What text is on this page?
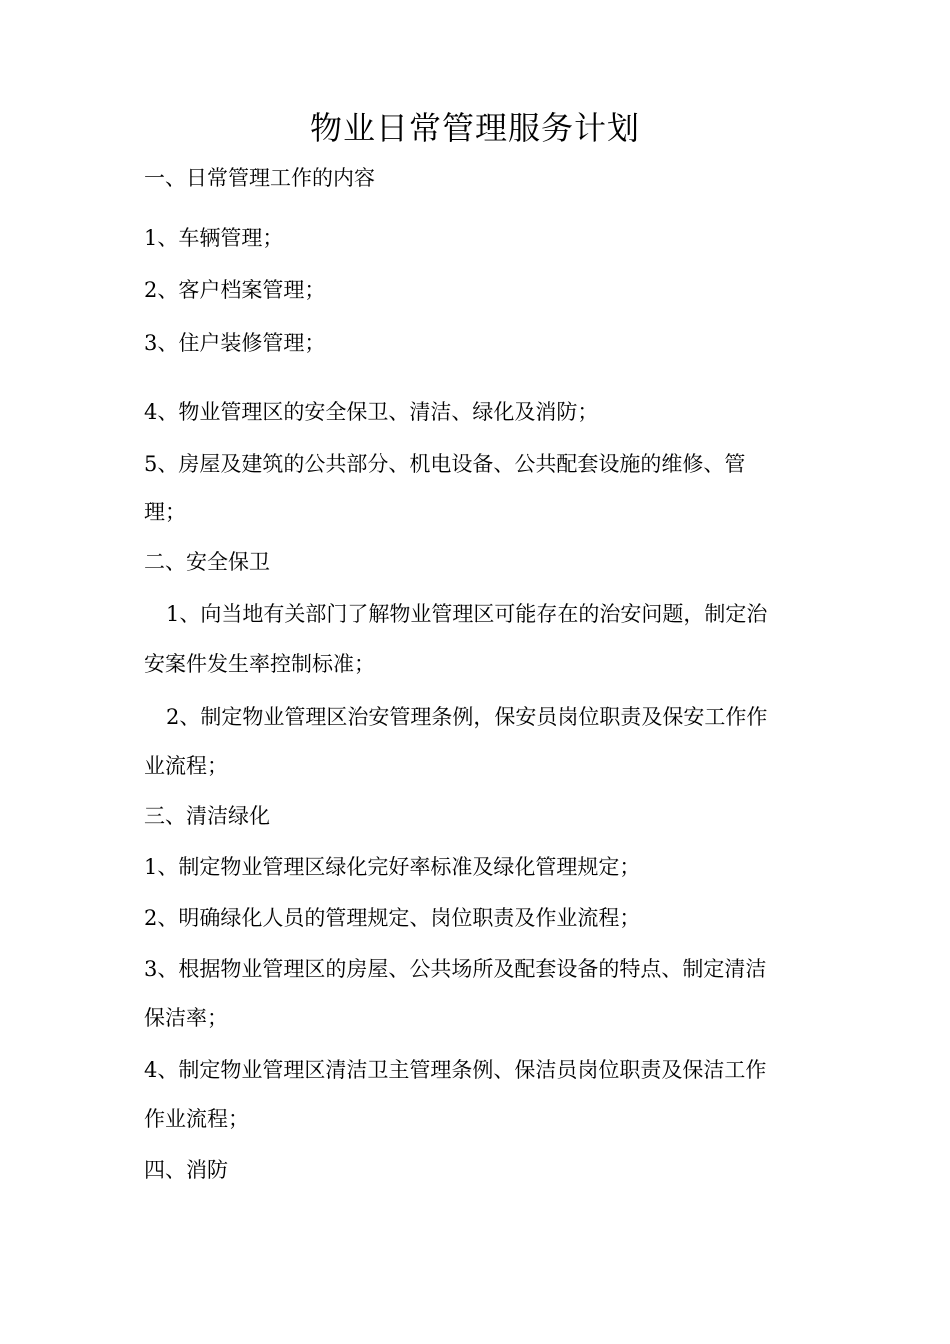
物业日常管理服务计划
一、日常管理工作的内容
1、车辆管理；
2、客户档案管理；
3、住户装修管理；
4、物业管理区的安全保卫、清洁、绿化及消防；
5、房屋及建筑的公共部分、机电设备、公共配套设施的维修、管
理；
二、安全保卫
1、向当地有关部门了解物业管理区可能存在的治安问题，制定治
安案件发生率控制标准；
2、制定物业管理区治安管理条例，保安员岗位职责及保安工作作
业流程；
三、清洁绿化
1、制定物业管理区绿化完好率标准及绿化管理规定；
2、明确绿化人员的管理规定、岗位职责及作业流程；
3、根据物业管理区的房屋、公共场所及配套设备的特点、制定清洁
保洁率；
4、制定物业管理区清洁卫主管理条例、保洁员岗位职责及保洁工作
作业流程；
四、消防
